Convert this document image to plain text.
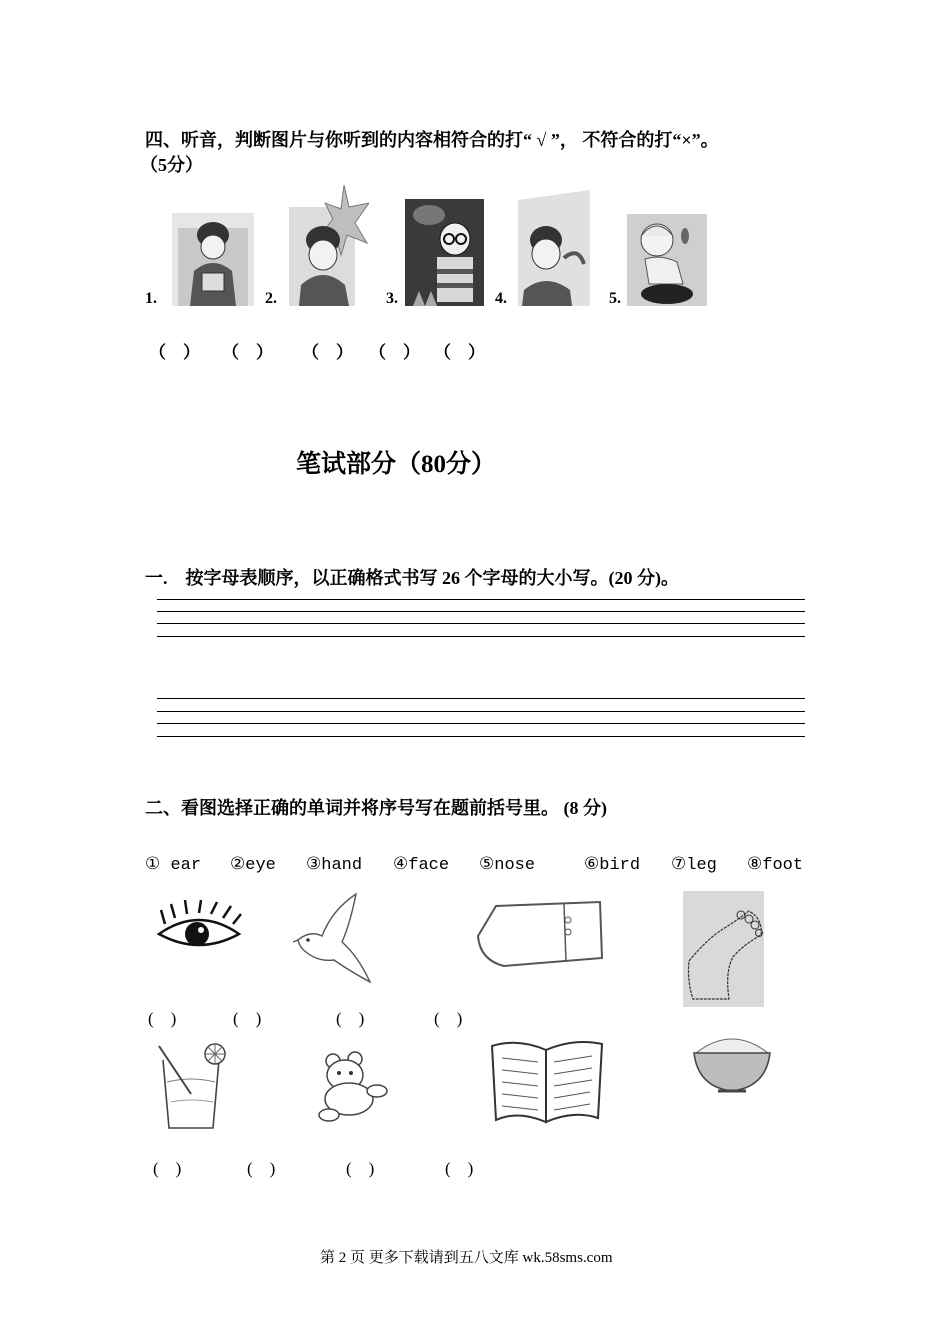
四、听音，判断图片与你听到的内容相符合的打“ √ ”， 不符合的打“×”。
（5分）
1.	2.	3.	4.	5.
（　） （　） （　） （　） （　）
笔试部分（80分）
一.　按字母表顺序，以正确格式书写 26 个字母的大小写。(20 分)。
二、看图选择正确的单词并将序号写在题前括号里。 (8 分)
① ear ②eye ③hand ④face ⑤nose	⑥bird ⑦leg ⑧foot
(　)	(　)	(　)	(　)
(　)	(　)	(　)	(　)
第 2 页 更多下载请到五八文库 wk.58sms.com
